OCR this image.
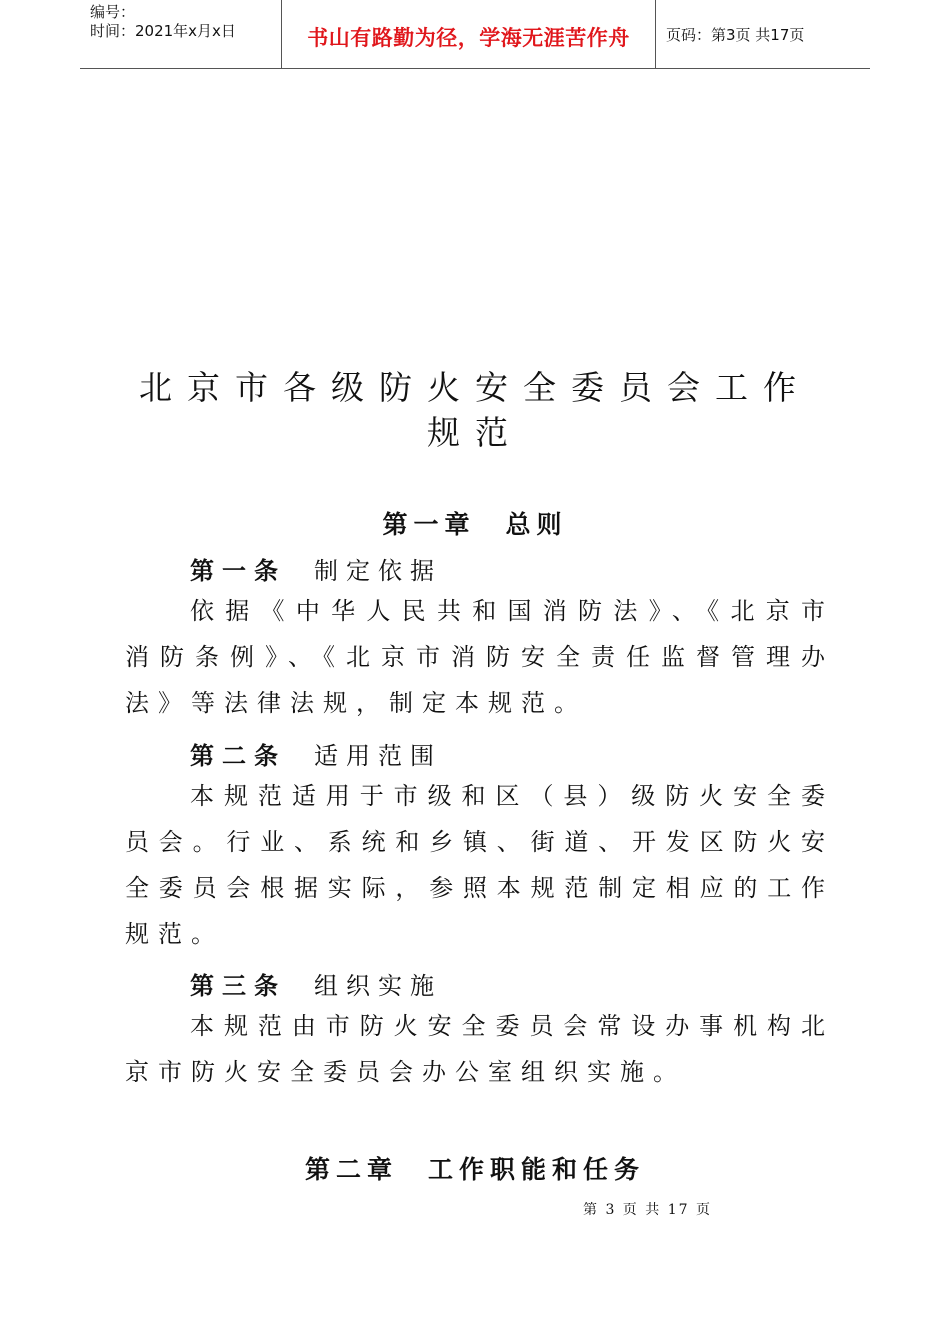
编号：
时间：2021年x月x日	书山有路勤为径，学海无涯苦作舟	页码：第3页 共17页
北京市各级防火安全委员会工作
规范
第一章 总则
第一条 制定依据
依据《中华人民共和国消防法》、《北京市
消防条例》、《北京市消防安全责任监督管理办
法》等法律法规，制定本规范。
第二条 适用范围
本规范适用于市级和区（县）级防火安全委
员会。行业、系统和乡镇、街道、开发区防火安
全委员会根据实际，参照本规范制定相应的工作
规范。
第三条 组织实施
本规范由市防火安全委员会常设办事机构北
京市防火安全委员会办公室组织实施。
第二章 工作职能和任务
第 3 页 共 17 页
